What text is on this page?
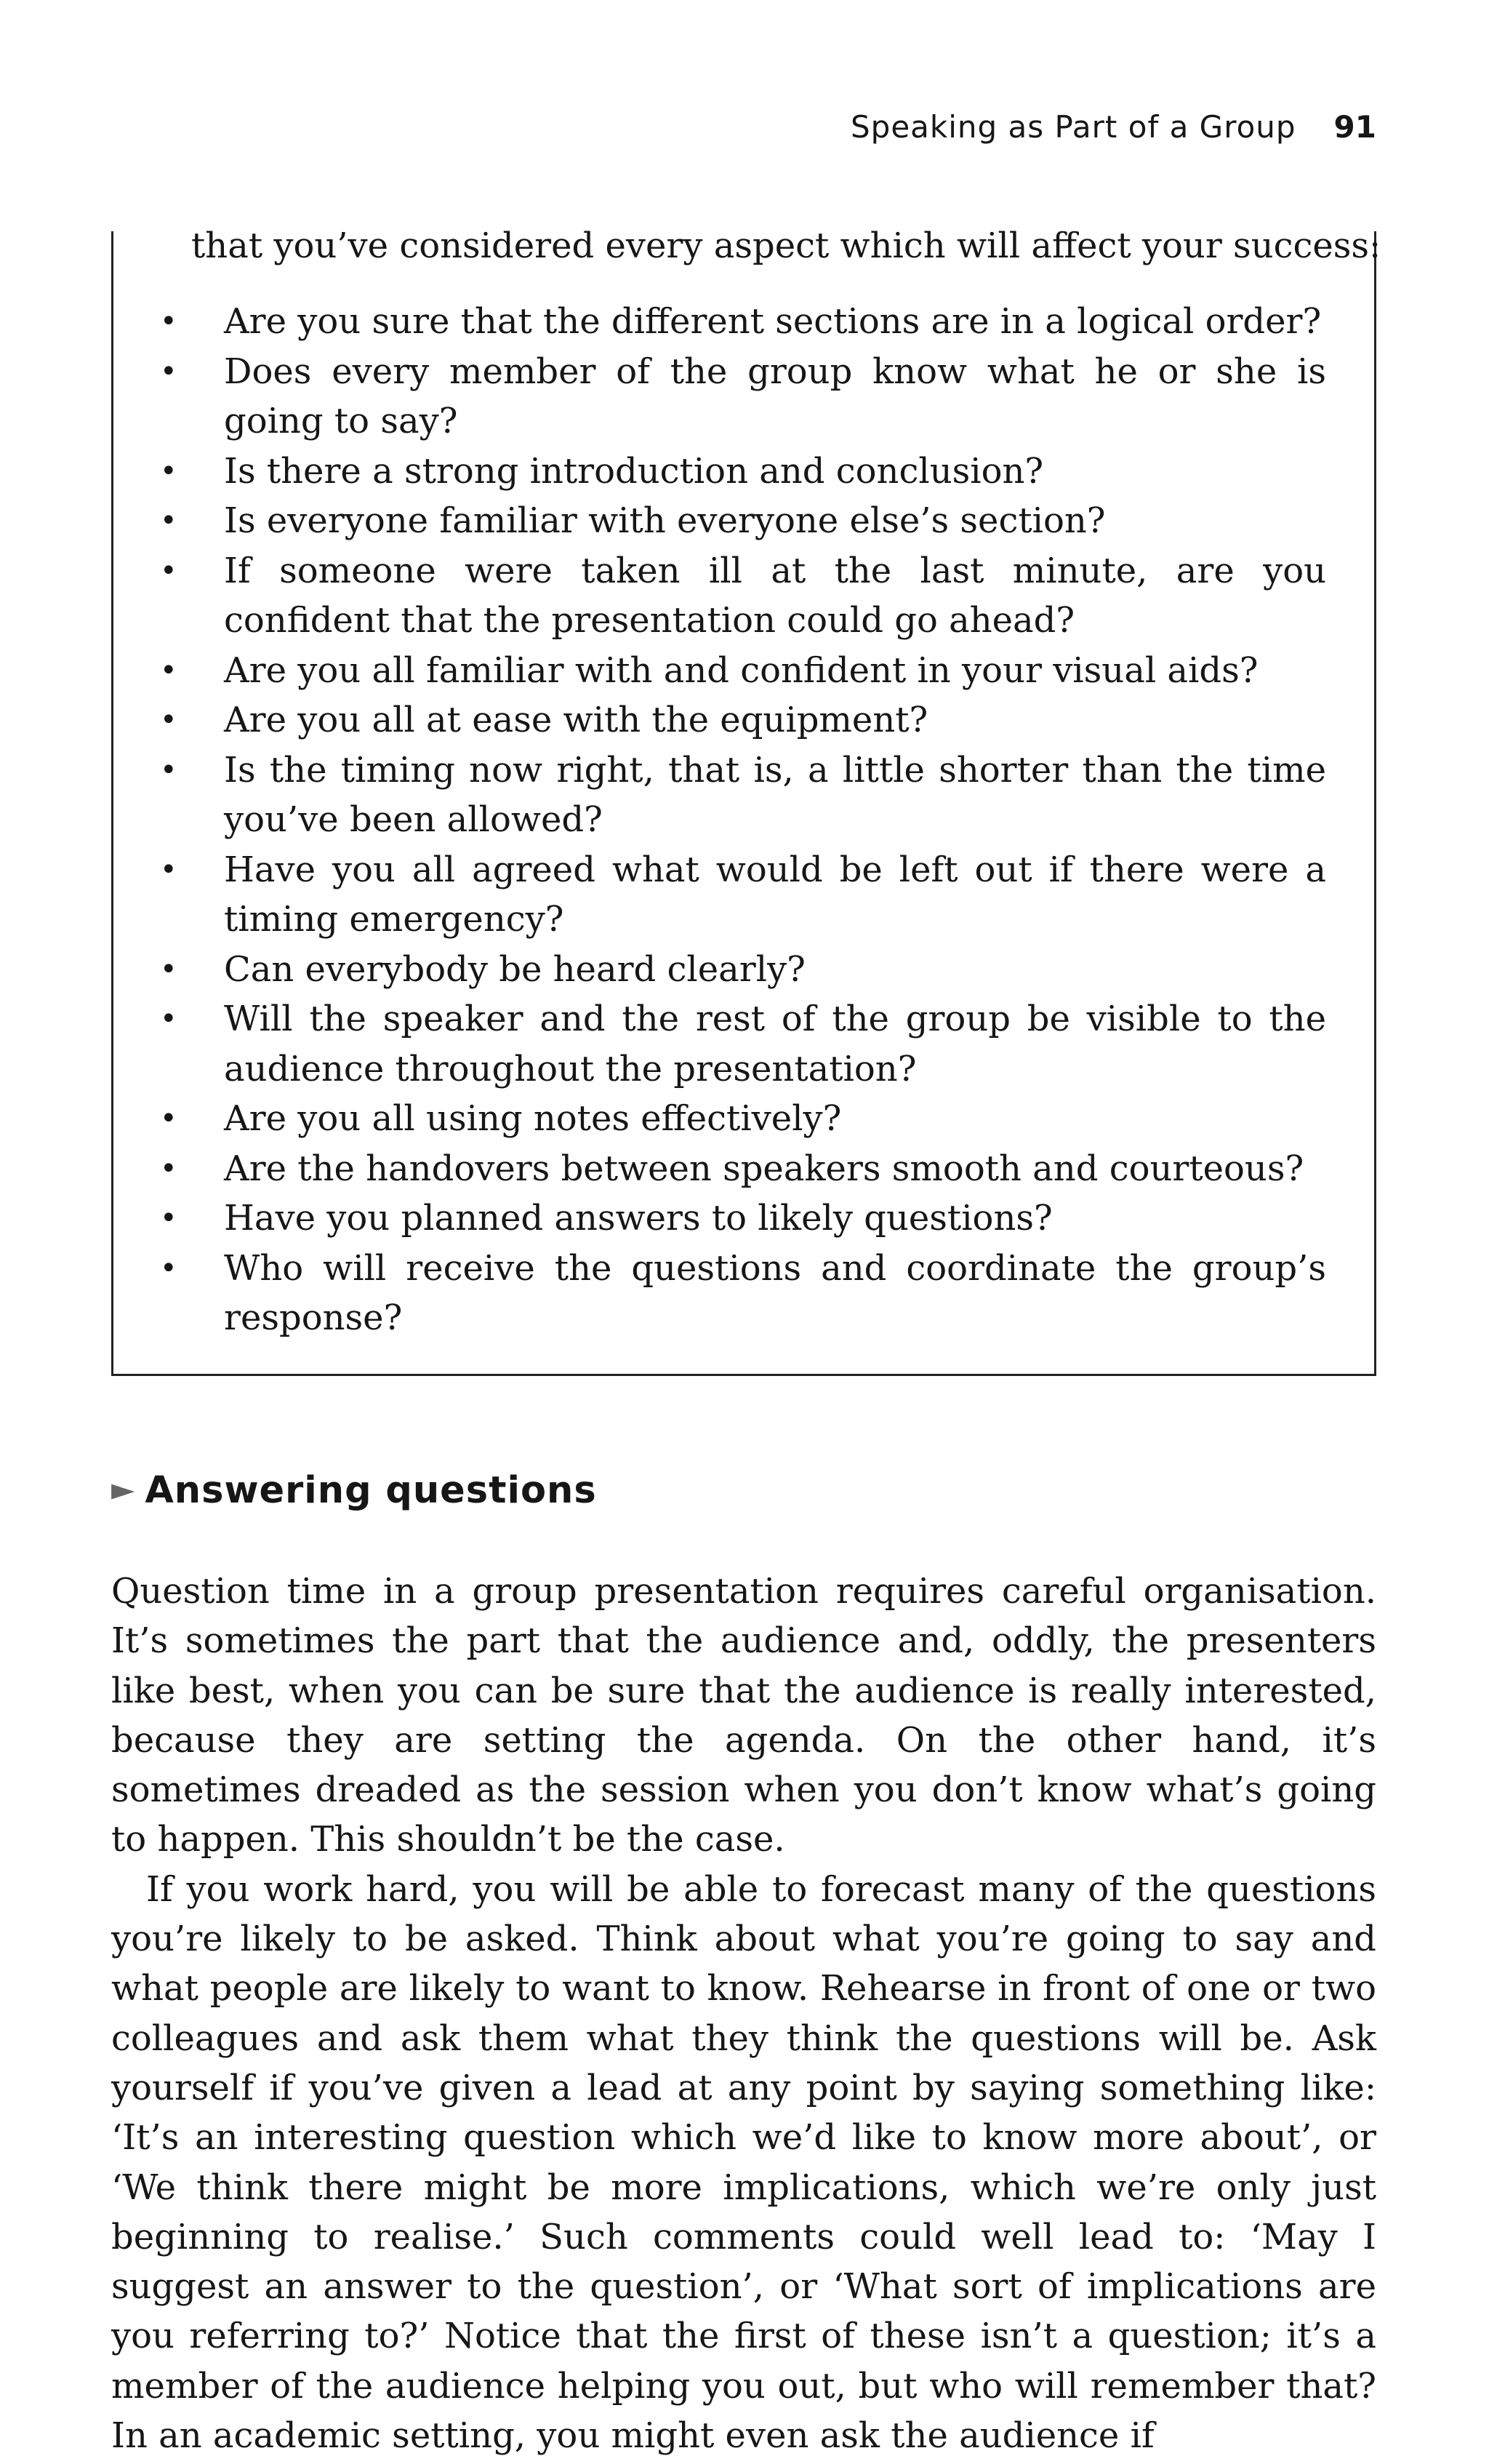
Speaking as Part of a Group 91
that you’ve considered every aspect which will affect your success:
• Are you sure that the different sections are in a logical order?
• Does every member of the group know what he or she is going to say?
• Is there a strong introduction and conclusion?
• Is everyone familiar with everyone else’s section?
• If someone were taken ill at the last minute, are you confident that the presentation could go ahead?
• Are you all familiar with and confident in your visual aids?
• Are you all at ease with the equipment?
• Is the timing now right, that is, a little shorter than the time you’ve been allowed?
• Have you all agreed what would be left out if there were a timing emergency?
• Can everybody be heard clearly?
• Will the speaker and the rest of the group be visible to the audience throughout the presentation?
• Are you all using notes effectively?
• Are the handovers between speakers smooth and courteous?
• Have you planned answers to likely questions?
• Who will receive the questions and coordinate the group’s response?
► Answering questions

Question time in a group presentation requires careful organisation. It’s sometimes the part that the audience and, oddly, the presenters like best, when you can be sure that the audience is really interested, because they are setting the agenda. On the other hand, it’s sometimes dreaded as the session when you don’t know what’s going to happen. This shouldn’t be the case.

If you work hard, you will be able to forecast many of the questions you’re likely to be asked. Think about what you’re going to say and what people are likely to want to know. Rehearse in front of one or two colleagues and ask them what they think the questions will be. Ask yourself if you’ve given a lead at any point by saying something like: ‘It’s an interesting question which we’d like to know more about’, or ‘We think there might be more implications, which we’re only just beginning to realise.’ Such comments could well lead to: ‘May I suggest an answer to the question’, or ‘What sort of implications are you referring to?’ Notice that the first of these isn’t a question; it’s a member of the audience helping you out, but who will remember that? In an academic setting, you might even ask the audience if
